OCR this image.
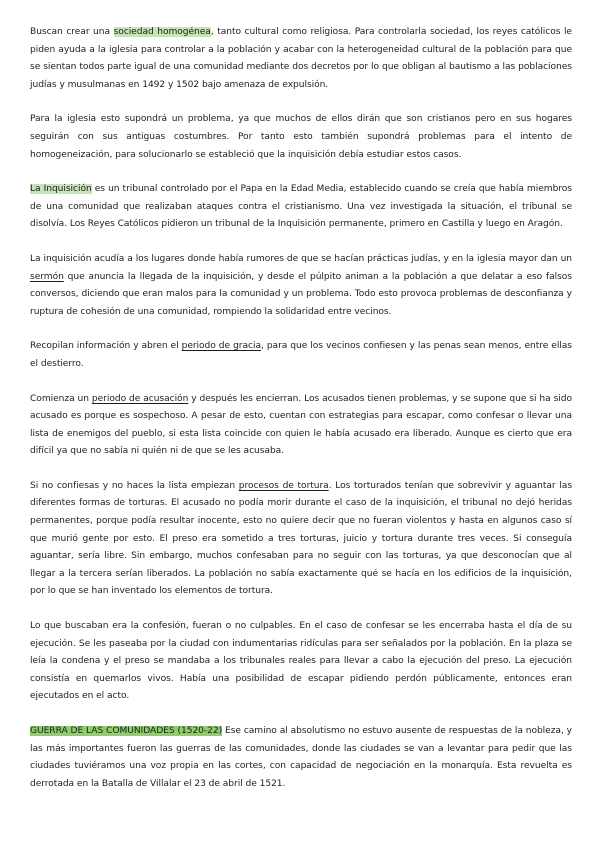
Buscan crear una sociedad homogénea, tanto cultural como religiosa. Para controlarla sociedad, los reyes católicos le piden ayuda a la iglesia para controlar a la población y acabar con la heterogeneidad cultural de la población para que se sientan todos parte igual de una comunidad mediante dos decretos por lo que obligan al bautismo a las poblaciones judías y musulmanas en 1492 y 1502 bajo amenaza de expulsión.

Para la iglesia esto supondrá un problema, ya que muchos de ellos dirán que son cristianos pero en sus hogares seguirán con sus antiguas costumbres. Por tanto esto también supondrá problemas para el intento de homogeneización, para solucionarlo se estableció que la inquisición debía estudiar estos casos.

La Inquisición es un tribunal controlado por el Papa en la Edad Media, establecido cuando se creía que había miembros de una comunidad que realizaban ataques contra el cristianismo. Una vez investigada la situación, el tribunal se disolvía. Los Reyes Católicos pidieron un tribunal de la Inquisición permanente, primero en Castilla y luego en Aragón.

La inquisición acudía a los lugares donde había rumores de que se hacían prácticas judías, y en la iglesia mayor dan un sermón que anuncia la llegada de la inquisición, y desde el púlpito animan a la población a que delatar a eso falsos conversos, diciendo que eran malos para la comunidad y un problema. Todo esto provoca problemas de desconfianza y ruptura de cohesión de una comunidad, rompiendo la solidaridad entre vecinos.

Recopilan información y abren el periodo de gracia, para que los vecinos confiesen y las penas sean menos, entre ellas el destierro.

Comienza un periodo de acusación y después les encierran. Los acusados tienen problemas, y se supone que si ha sido acusado es porque es sospechoso. A pesar de esto, cuentan con estrategias para escapar, como confesar o llevar una lista de enemigos del pueblo, si esta lista coincide con quien le había acusado era liberado. Aunque es cierto que era difícil ya que no sabía ni quién ni de que se les acusaba.

Si no confiesas y no haces la lista empiezan procesos de tortura. Los torturados tenían que sobrevivir y aguantar las diferentes formas de torturas. El acusado no podía morir durante el caso de la inquisición, el tribunal no dejó heridas permanentes, porque podía resultar inocente, esto no quiere decir que no fueran violentos y hasta en algunos caso sí que murió gente por esto. El preso era sometido a tres torturas, juicio y tortura durante tres veces. Si conseguía aguantar, sería libre. Sin embargo, muchos confesaban para no seguir con las torturas, ya que desconocían que al llegar a la tercera serían liberados. La población no sabía exactamente qué se hacía en los edificios de la inquisición, por lo que se han inventado los elementos de tortura.

Lo que buscaban era la confesión, fueran o no culpables. En el caso de confesar se les encerraba hasta el día de su ejecución. Se les paseaba por la ciudad con indumentarias ridículas para ser señalados por la población. En la plaza se leía la condena y el preso se mandaba a los tribunales reales para llevar a cabo la ejecución del preso. La ejecución consistía en quemarlos vivos. Había una posibilidad de escapar pidiendo perdón públicamente, entonces eran ejecutados en el acto.

GUERRA DE LAS COMUNIDADES (1520-22) Ese camino al absolutismo no estuvo ausente de respuestas de la nobleza, y las más importantes fueron las guerras de las comunidades, donde las ciudades se van a levantar para pedir que las ciudades tuviéramos una voz propia en las cortes, con capacidad de negociación en la monarquía. Esta revuelta es derrotada en la Batalla de Villalar el 23 de abril de 1521.
